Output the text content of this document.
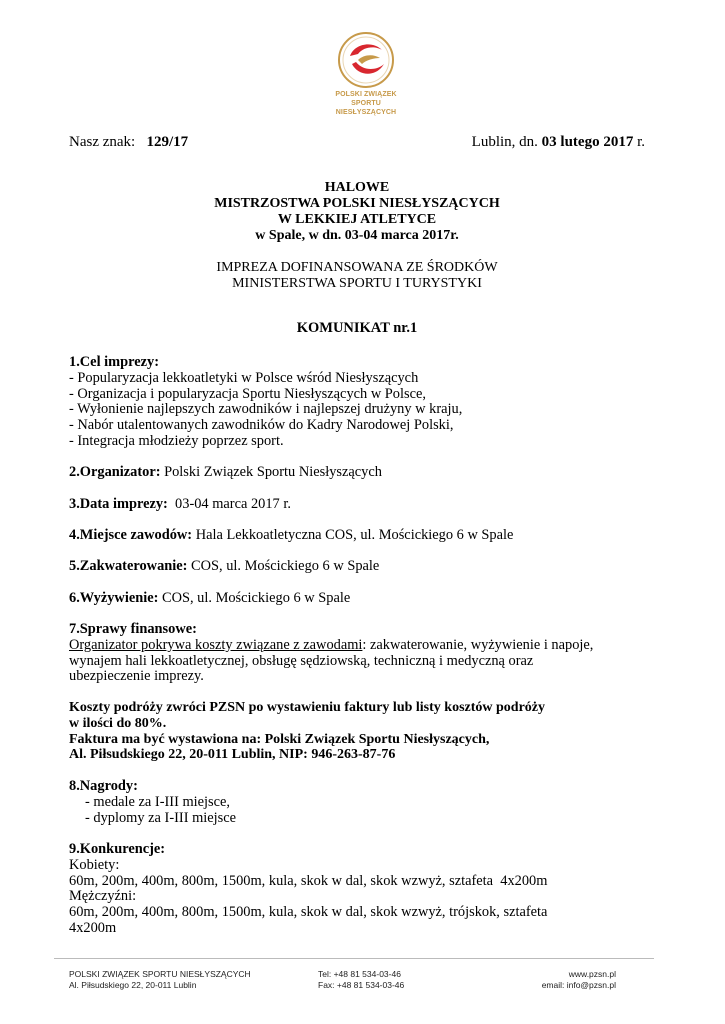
POLSKI ZWIĄZEK
SPORTU NIESŁYSZĄCYCH
Nasz znak: 129/17	Lublin, dn. 03 lutego 2017 r.
HALOWE
MISTRZOSTWA POLSKI NIESŁYSZĄCYCH
W LEKKIEJ ATLETYCE
w Spale, w dn. 03-04 marca 2017r.
IMPREZA DOFINANSOWANA ZE ŚRODKÓW
MINISTERSTWA SPORTU I TURYSTYKI
KOMUNIKAT nr.1
1.Cel imprezy:
- Popularyzacja lekkoatletyki w Polsce wśród Niesłyszących
- Organizacja i popularyzacja Sportu Niesłyszących w Polsce,
- Wyłonienie najlepszych zawodników i najlepszej drużyny w kraju,
- Nabór utalentowanych zawodników do Kadry Narodowej Polski,
- Integracja młodzieży poprzez sport.
2.Organizator: Polski Związek Sportu Niesłyszących
3.Data imprezy:  03-04 marca 2017 r.
4.Miejsce zawodów: Hala Lekkoatletyczna COS, ul. Mościckiego 6 w Spale
5.Zakwaterowanie: COS, ul. Mościckiego 6 w Spale
6.Wyżywienie: COS, ul. Mościckiego 6 w Spale
7.Sprawy finansowe:
Organizator pokrywa koszty związane z zawodami: zakwaterowanie, wyżywienie i napoje,
wynajem hali lekkoatletycznej, obsługę sędziowską, techniczną i medyczną oraz
ubezpieczenie imprezy.
Koszty podróży zwróci PZSN po wystawieniu faktury lub listy kosztów podróży
w ilości do 80%.
Faktura ma być wystawiona na: Polski Związek Sportu Niesłyszących,
Al. Piłsudskiego 22, 20-011 Lublin, NIP: 946-263-87-76
8.Nagrody:
- medale za I-III miejsce,
- dyplomy za I-III miejsce
9.Konkurencje:
Kobiety:
60m, 200m, 400m, 800m, 1500m, kula, skok w dal, skok wzwyż, sztafeta  4x200m
Mężczyźni:
60m, 200m, 400m, 800m, 1500m, kula, skok w dal, skok wzwyż, trójskok, sztafeta
4x200m
POLSKI ZWIĄZEK SPORTU NIESŁYSZĄCYCH
Al. Piłsudskiego 22, 20-011 Lublin
Tel: +48 81 534-03-46
Fax: +48 81 534-03-46
www.pzsn.pl
email: info@pzsn.pl
